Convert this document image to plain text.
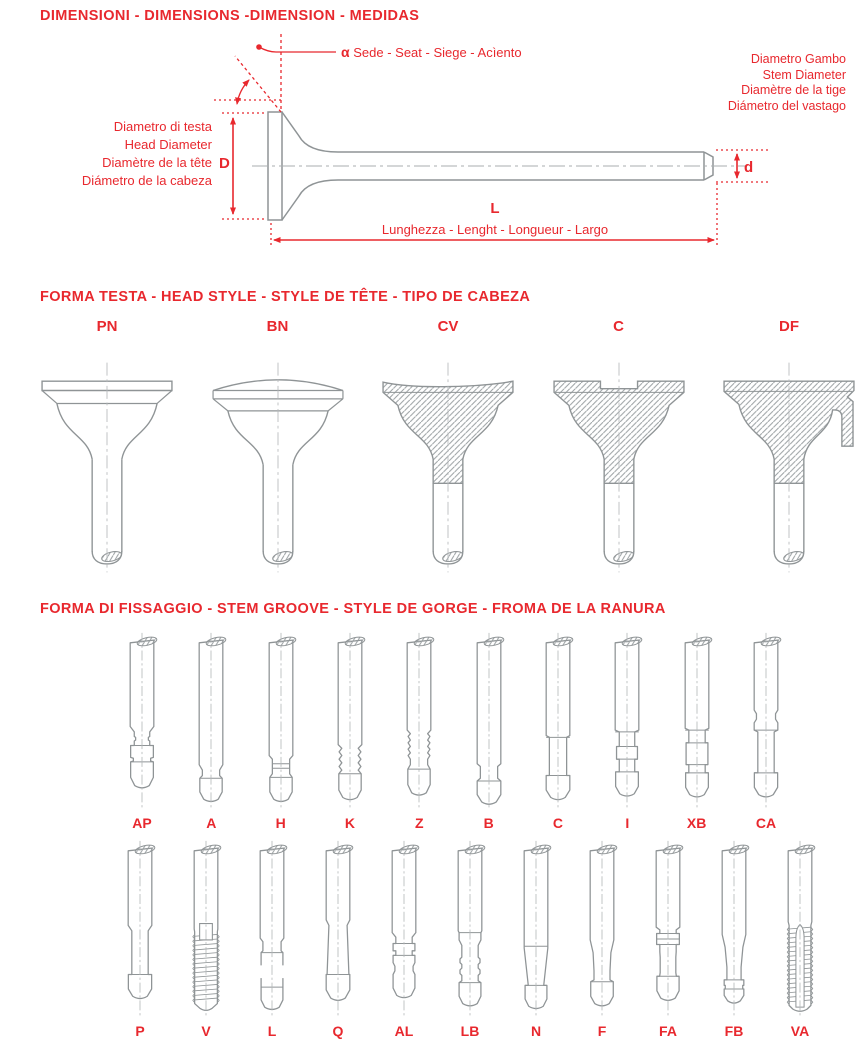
DIMENSIONI - DIMENSIONS -DIMENSION - MEDIDAS
D	d
α Sede - Seat - Siege - Acìento
Diametro di testa
Head Diameter
Diamètre de la tête
Diámetro de la cabeza
Diametro Gambo
Stem Diameter
Diamètre de la tige
Diámetro del vastago
L
Lunghezza - Lenght - Longueur - Largo
FORMA TESTA - HEAD STYLE - STYLE DE TÊTE - TIPO DE CABEZA
PN	BN	CV	C	DF
FORMA DI FISSAGGIO - STEM GROOVE - STYLE DE GORGE - FROMA DE LA RANURA
AP	A	H	K	Z	B	C	I	XB	CA
P	V	L	Q	AL	LB	N	F	FA	FB	VA
